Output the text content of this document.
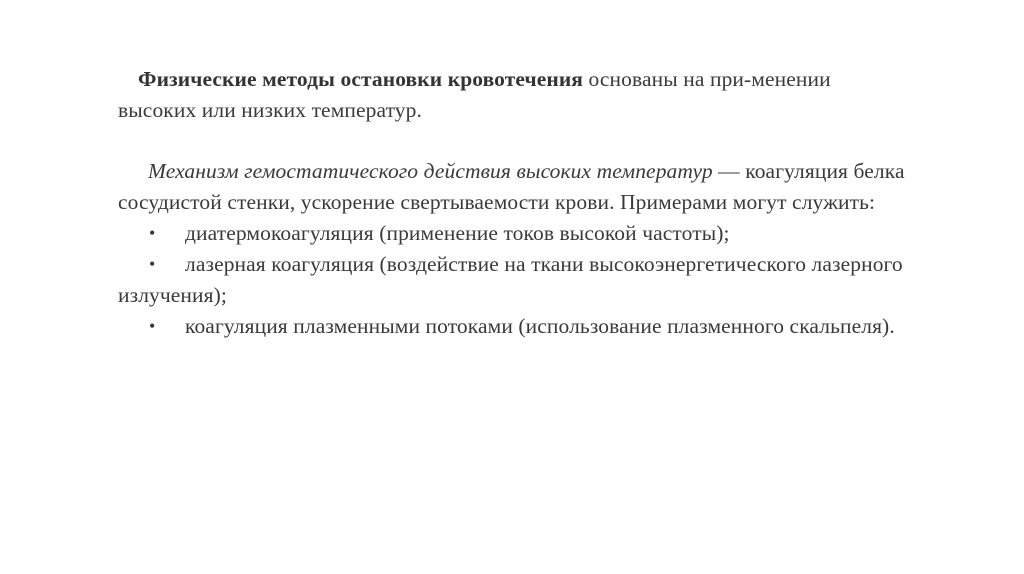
Физические методы остановки кровотечения основаны на при-менении высоких или низких температур.

Механизм гемостатического действия высоких температур — коагуляция белка сосудистой стенки, ускорение свертываемости крови. Примерами могут служить:

• диатермокоагуляция (применение токов высокой частоты);
• лазерная коагуляция (воздействие на ткани высокоэнергетического лазерного излучения);
• коагуляция плазменными потоками (использование плазменного скальпеля).
